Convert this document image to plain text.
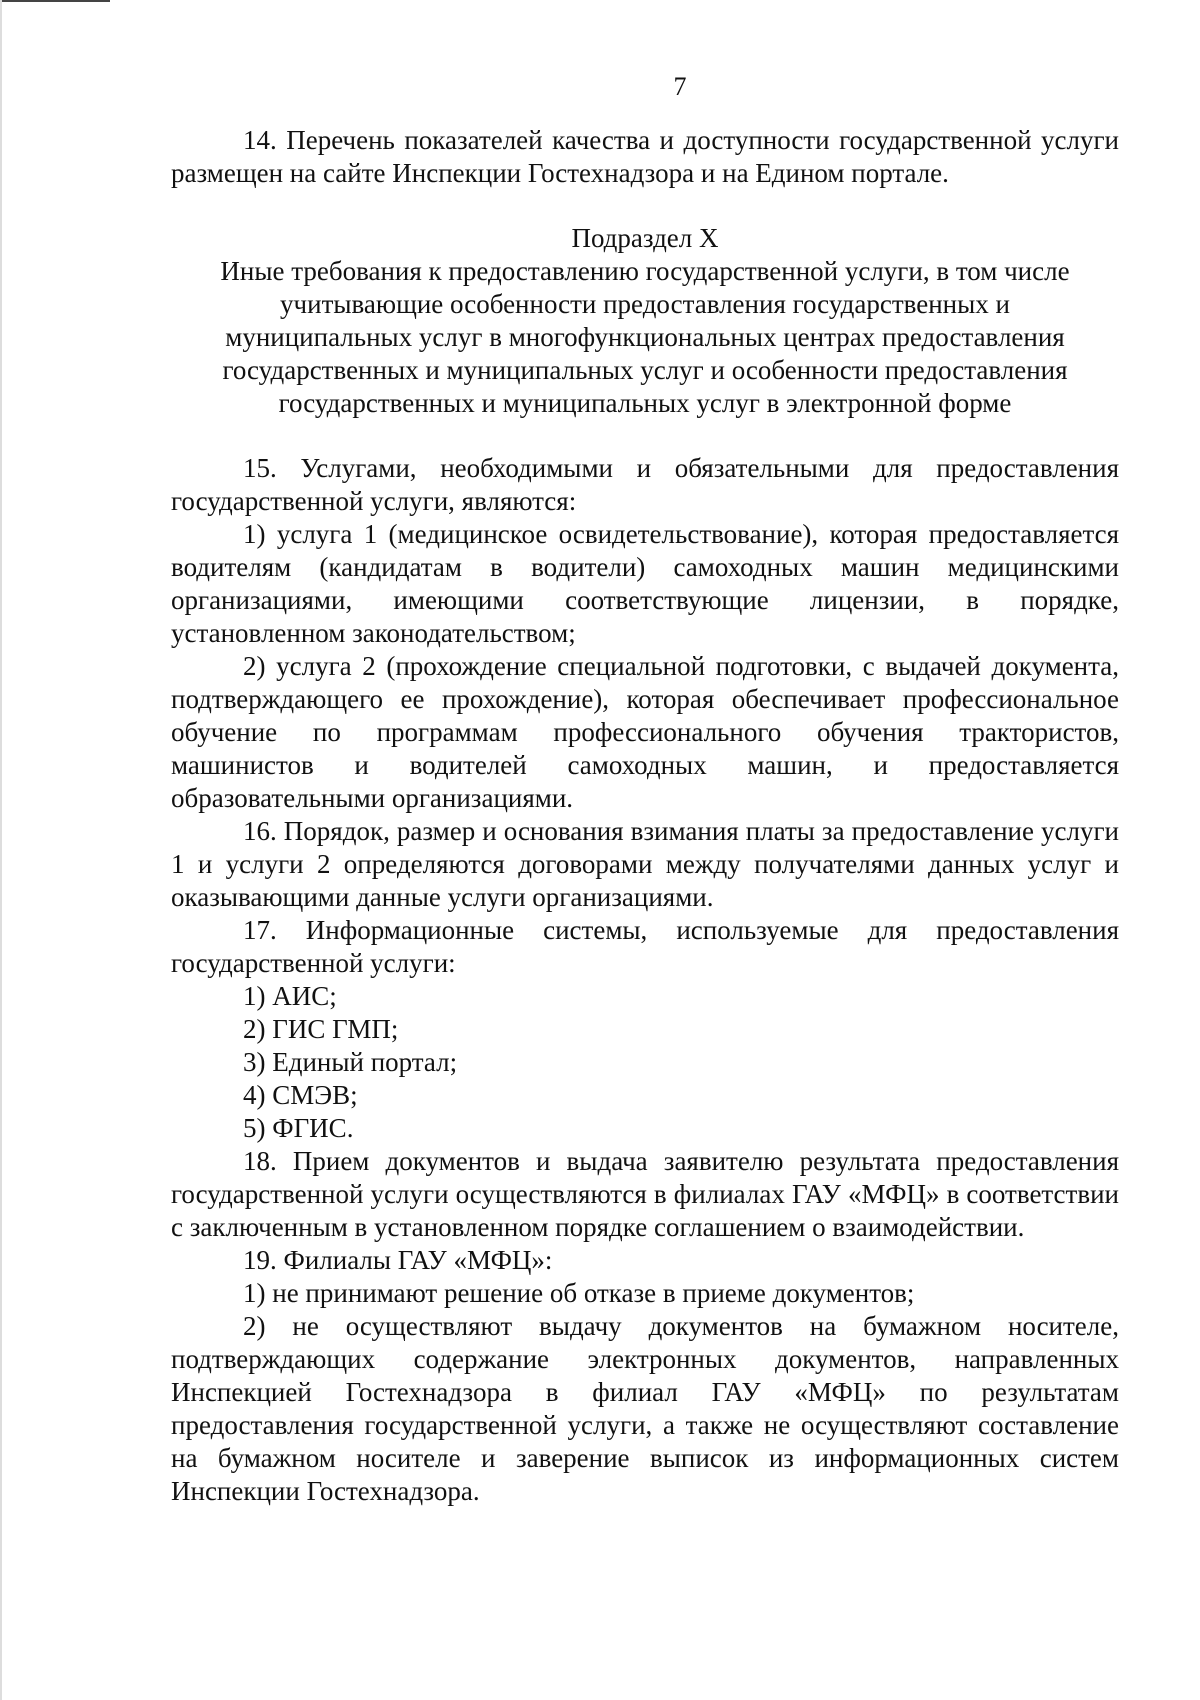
7

14. Перечень показателей качества и доступности государственной услуги размещен на сайте Инспекции Гостехнадзора и на Едином портале.

Подраздел X

Иные требования к предоставлению государственной услуги, в том числе

учитывающие особенности предоставления государственных и

муниципальных услуг в многофункциональных центрах предоставления

государственных и муниципальных услуг и особенности предоставления

государственных и муниципальных услуг в электронной форме

15. Услугами, необходимыми и обязательными для предоставления государственной услуги, являются:

1) услуга 1 (медицинское освидетельствование), которая предоставляется водителям (кандидатам в водители) самоходных машин медицинскими организациями, имеющими соответствующие лицензии, в порядке, установленном законодательством;

2) услуга 2 (прохождение специальной подготовки, с выдачей документа, подтверждающего ее прохождение), которая обеспечивает профессиональное обучение по программам профессионального обучения трактористов, машинистов и водителей самоходных машин, и предоставляется образовательными организациями.

16. Порядок, размер и основания взимания платы за предоставление услуги 1 и услуги 2 определяются договорами между получателями данных услуг и оказывающими данные услуги организациями.

17. Информационные системы, используемые для предоставления государственной услуги:

1) АИС;

2) ГИС ГМП;

3) Единый портал;

4) СМЭВ;

5) ФГИС.

18. Прием документов и выдача заявителю результата предоставления государственной услуги осуществляются в филиалах ГАУ «МФЦ» в соответствии с заключенным в установленном порядке соглашением о взаимодействии.

19. Филиалы ГАУ «МФЦ»:

1) не принимают решение об отказе в приеме документов;

2) не осуществляют выдачу документов на бумажном носителе, подтверждающих содержание электронных документов, направленных Инспекцией Гостехнадзора в филиал ГАУ «МФЦ» по результатам предоставления государственной услуги, а также не осуществляют составление на бумажном носителе и заверение выписок из информационных систем Инспекции Гостехнадзора.
